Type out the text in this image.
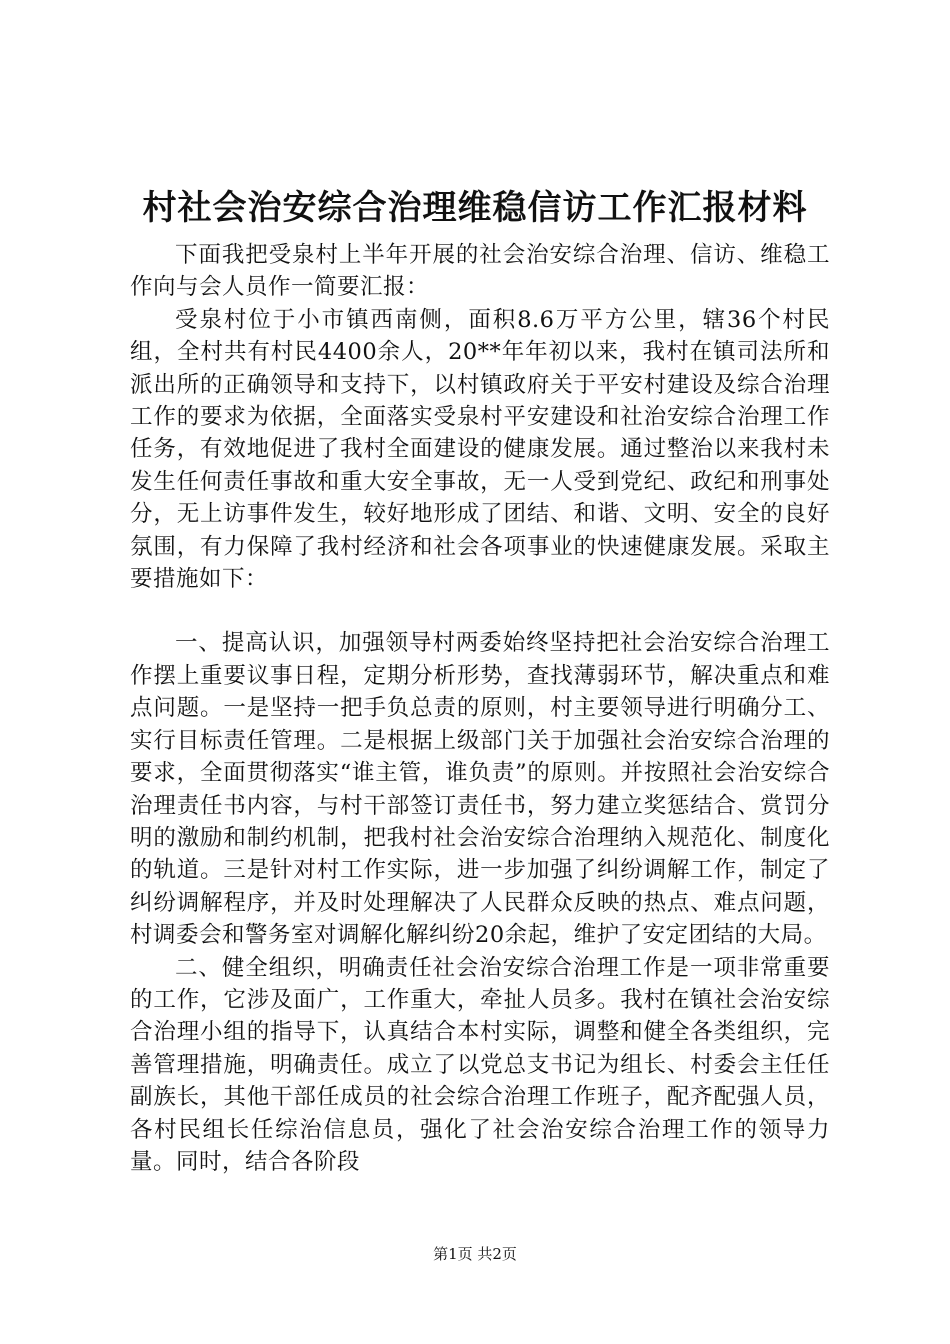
村社会治安综合治理维稳信访工作汇报材料

下面我把受泉村上半年开展的社会治安综合治理、信访、维稳工作向与会人员作一简要汇报：

受泉村位于小市镇西南侧，面积8.6万平方公里，辖36个村民组，全村共有村民4400余人，20**年年初以来，我村在镇司法所和派出所的正确领导和支持下，以村镇政府关于平安村建设及综合治理工作的要求为依据，全面落实受泉村平安建设和社治安综合治理工作任务，有效地促进了我村全面建设的健康发展。通过整治以来我村未发生任何责任事故和重大安全事故，无一人受到党纪、政纪和刑事处分，无上访事件发生，较好地形成了团结、和谐、文明、安全的良好氛围，有力保障了我村经济和社会各项事业的快速健康发展。采取主要措施如下：

一、提高认识，加强领导村两委始终坚持把社会治安综合治理工作摆上重要议事日程，定期分析形势，查找薄弱环节，解决重点和难点问题。一是坚持一把手负总责的原则，村主要领导进行明确分工、实行目标责任管理。二是根据上级部门关于加强社会治安综合治理的要求，全面贯彻落实“谁主管，谁负责”的原则。并按照社会治安综合治理责任书内容，与村干部签订责任书，努力建立奖惩结合、赏罚分明的激励和制约机制，把我村社会治安综合治理纳入规范化、制度化的轨道。三是针对村工作实际，进一步加强了纠纷调解工作，制定了纠纷调解程序，并及时处理解决了人民群众反映的热点、难点问题，村调委会和警务室对调解化解纠纷20余起，维护了安定团结的大局。

二、健全组织，明确责任社会治安综合治理工作是一项非常重要的工作，它涉及面广，工作重大，牵扯人员多。我村在镇社会治安综合治理小组的指导下，认真结合本村实际，调整和健全各类组织，完善管理措施，明确责任。成立了以党总支书记为组长、村委会主任任副族长，其他干部任成员的社会综合治理工作班子，配齐配强人员，各村民组长任综治信息员，强化了社会治安综合治理工作的领导力量。同时，结合各阶段

第1页 共2页
